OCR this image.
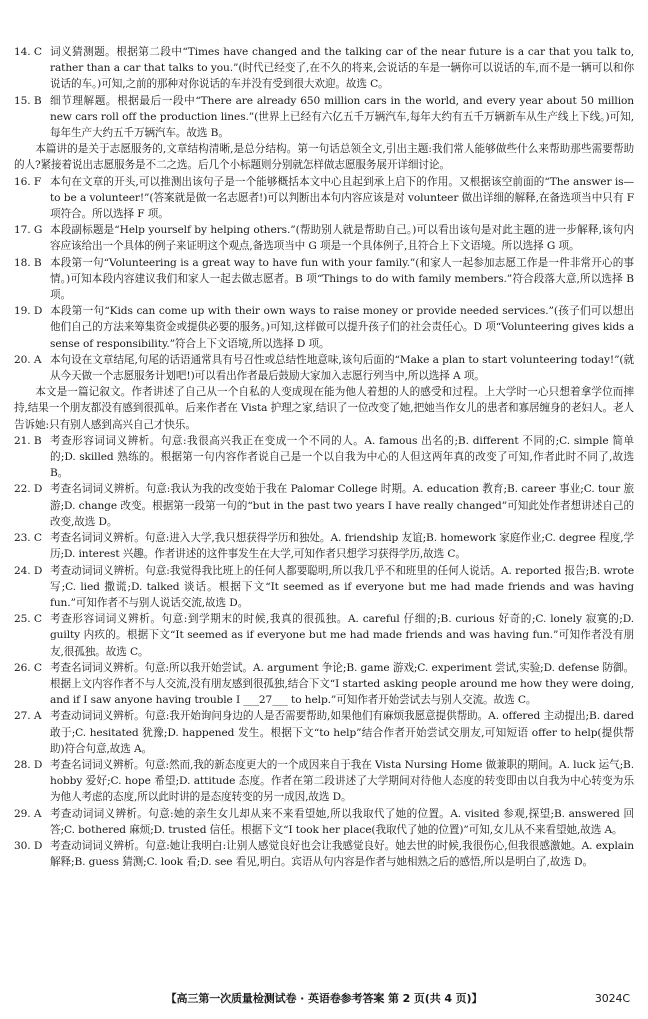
14. C 词义猜测题。根据第二段中“Times have changed and the talking car of the near future is a car that you talk to, rather than a car that talks to you.”(时代已经变了,在不久的将来,会说话的车是一辆你可以说话的车,而不是一辆可以和你说话的车。)可知,之前的那种对你说话的车并没有受到很大欢迎。故选 C。

15. B 细节理解题。根据最后一段中“There are already 650 million cars in the world, and every year about 50 million new cars roll off the production lines.”(世界上已经有六亿五千万辆汽车,每年大约有五千万辆新车从生产线上下线。)可知,每年生产大约五千万辆汽车。故选 B。

本篇讲的是关于志愿服务的,文章结构清晰,是总分结构。第一句话总领全文,引出主题:我们常人能够做些什么来帮助那些需要帮助的人?紧接着说出志愿服务是不二之选。后几个小标题则分别就怎样做志愿服务展开详细讨论。

16. F 本句在文章的开头,可以推测出该句子是一个能够概括本文中心且起到承上启下的作用。又根据该空前面的“The answer is—to be a volunteer!”(答案就是做一名志愿者!)可以判断出本句内容应该是对 volunteer 做出详细的解释,在备选项当中只有 F 项符合。所以选择 F 项。

17. G 本段副标题是“Help yourself by helping others.”(帮助别人就是帮助自己。)可以看出该句是对此主题的进一步解释,该句内容应该给出一个具体的例子来证明这个观点,备选项当中 G 项是一个具体例子,且符合上下文语境。所以选择 G 项。

18. B 本段第一句“Volunteering is a great way to have fun with your family.”(和家人一起参加志愿工作是一件非常开心的事情。)可知本段内容建议我们和家人一起去做志愿者。B 项“Things to do with family members.”符合段落大意,所以选择 B 项。

19. D 本段第一句“Kids can come up with their own ways to raise money or provide needed services.”(孩子们可以想出他们自己的方法来筹集资金或提供必要的服务。)可知,这样做可以提升孩子们的社会责任心。D 项“Volunteering gives kids a sense of responsibility.”符合上下文语境,所以选择 D 项。

20. A 本句设在文章结尾,句尾的话语通常具有号召性或总结性地意味,该句后面的“Make a plan to start volunteering today!”(就从今天做一个志愿服务计划吧!)可以看出作者最后鼓励大家加入志愿行列当中,所以选择 A 项。

本文是一篇记叙文。作者讲述了自己从一个自私的人变成现在能为他人着想的人的感受和过程。上大学时一心只想着拿学位而摔持,结果一个朋友都没有感到很孤单。后来作者在 Vista 护理之家,结识了一位改变了她,把她当作女儿的患者和寡居缠身的老妇人。老人告诉她:只有别人感到高兴自己才快乐。

21. B 考查形容词词义辨析。句意:我很高兴我正在变成一个不同的人。A. famous 出名的;B. different 不同的;C. simple 简单的;D. skilled 熟练的。根据第一句内容作者说自己是一个以自我为中心的人但这两年真的改变了可知,作者此时不同了,故选 B。

22. D 考查名词词义辨析。句意:我认为我的改变始于我在 Palomar College 时期。A. education 教育;B. career 事业;C. tour 旅游;D. change 改变。根据第一段第一句的“but in the past two years I have really changed”可知此处作者想讲述自己的改变,故选 D。

23. C 考查名词词义辨析。句意:进入大学,我只想获得学历和独处。A. friendship 友谊;B. homework 家庭作业;C. degree 程度,学历;D. interest 兴趣。作者讲述的这件事发生在大学,可知作者只想学习获得学历,故选 C。

24. D 考查动词词义辨析。句意:我觉得我比班上的任何人都要聪明,所以我几乎不和班里的任何人说话。A. reported 报告;B. wrote 写;C. lied 撒谎;D. talked 谈话。根据下文“It seemed as if everyone but me had made friends and was having fun.”可知作者不与别人说话交流,故选 D。

25. C 考查形容词词义辨析。句意:到学期末的时候,我真的很孤独。A. careful 仔细的;B. curious 好奇的;C. lonely 寂寞的;D. guilty 内疚的。根据下文“It seemed as if everyone but me had made friends and was having fun.”可知作者没有朋友,很孤独。故选 C。

26. C 考查名词词义辨析。句意:所以我开始尝试。A. argument 争论;B. game 游戏;C. experiment 尝试,实验;D. defense 防御。根据上文内容作者不与人交流,没有朋友感到很孤独,结合下文“I started asking people around me how they were doing, and if I saw anyone having trouble I ___27___ to help.”可知作者开始尝试去与别人交流。故选 C。

27. A 考查动词词义辨析。句意:我开始询问身边的人是否需要帮助,如果他们有麻烦我愿意提供帮助。A. offered 主动提出;B. dared 敢于;C. hesitated 犹豫;D. happened 发生。根据下文“to help”结合作者开始尝试交朋友,可知短语 offer to help(提供帮助)符合句意,故选 A。

28. D 考查名词词义辨析。句意:然而,我的新态度更大的一个成因来自于我在 Vista Nursing Home 做兼职的期间。A. luck 运气;B. hobby 爱好;C. hope 希望;D. attitude 态度。作者在第二段讲述了大学期间对待他人态度的转变即由以自我为中心转变为乐为他人考虑的态度,所以此时讲的是态度转变的另一成因,故选 D。

29. A 考查动词词义辨析。句意:她的亲生女儿却从来不来看望她,所以我取代了她的位置。A. visited 参观,探望;B. answered 回答;C. bothered 麻烦;D. trusted 信任。根据下文“I took her place(我取代了她的位置)”可知,女儿从不来看望她,故选 A。

30. D 考查动词词义辨析。句意:她让我明白:让别人感觉良好也会让我感觉良好。她去世的时候,我很伤心,但我很感激她。A. explain 解释;B. guess 猜测;C. look 看;D. see 看见,明白。宾语从句内容是作者与她相熟之后的感悟,所以是明白了,故选 D。

【高三第一次质量检测试卷 · 英语卷参考答案 第 2 页(共 4 页)】	3024C
